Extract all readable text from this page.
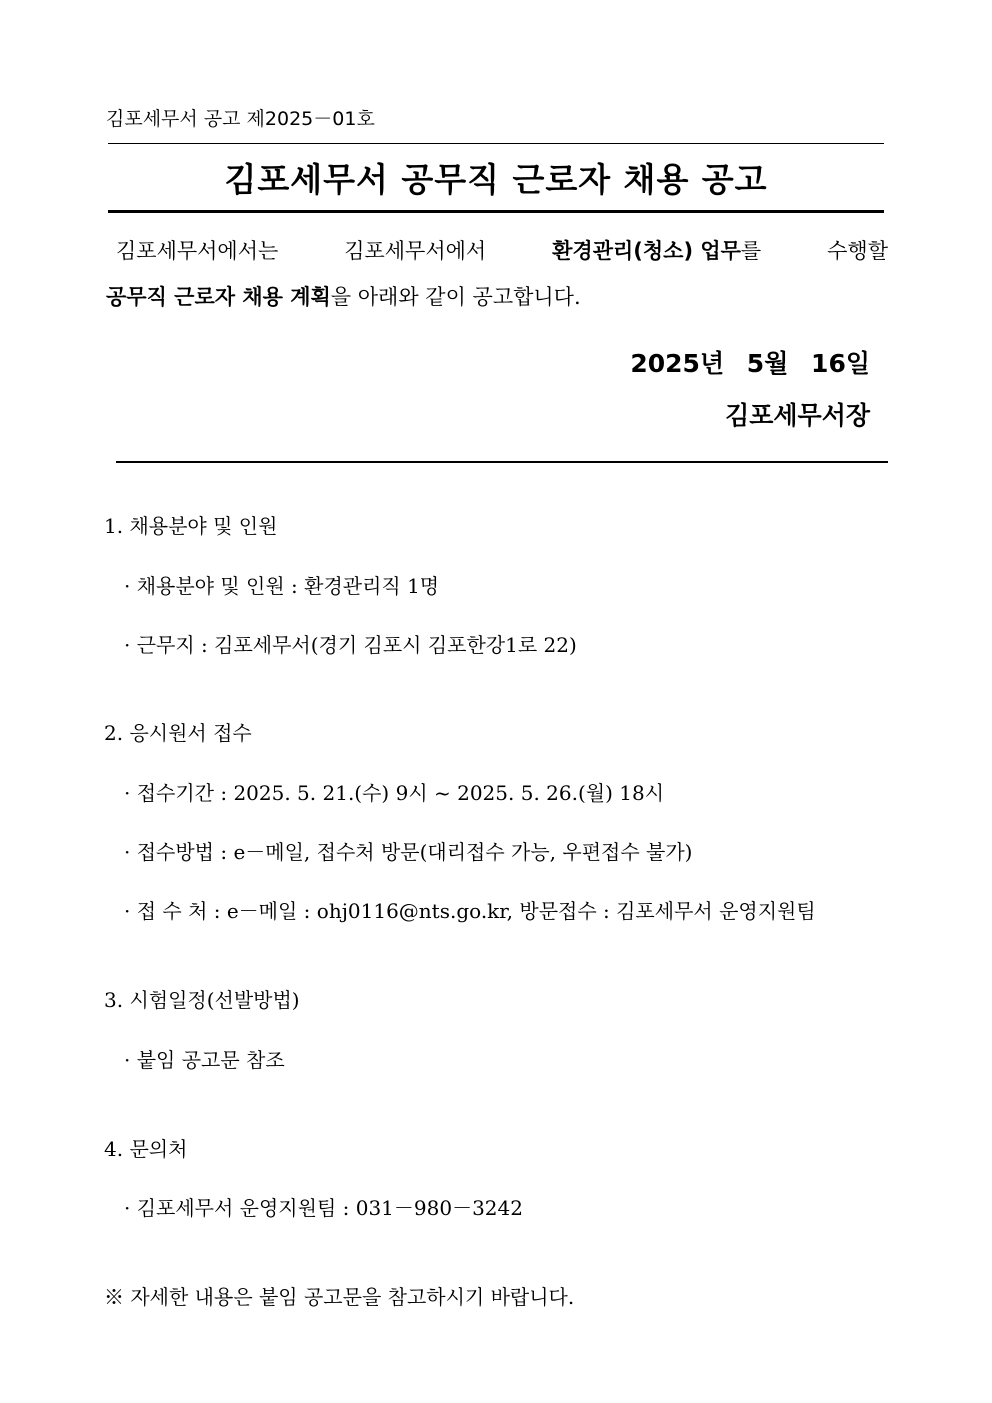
김포세무서 공고 제2025－01호
김포세무서 공무직 근로자 채용 공고
김포세무서에서는	김포세무서에서	환경관리(청소) 업무를	수행할
공무직 근로자 채용 계획을 아래와 같이 공고합니다.
2025년 5월 16일
김포세무서장
1. 채용분야 및 인원
· 채용분야 및 인원 : 환경관리직 1명
· 근무지 : 김포세무서(경기 김포시 김포한강1로 22)
2. 응시원서 접수
· 접수기간 : 2025. 5. 21.(수) 9시 ~ 2025. 5. 26.(월) 18시
· 접수방법 : e－메일, 접수처 방문(대리접수 가능, 우편접수 불가)
· 접 수 처 : e－메일 : ohj0116@nts.go.kr, 방문접수 : 김포세무서 운영지원팀
3. 시험일정(선발방법)
· 붙임 공고문 참조
4. 문의처
· 김포세무서 운영지원팀 : 031－980－3242
※ 자세한 내용은 붙임 공고문을 참고하시기 바랍니다.
